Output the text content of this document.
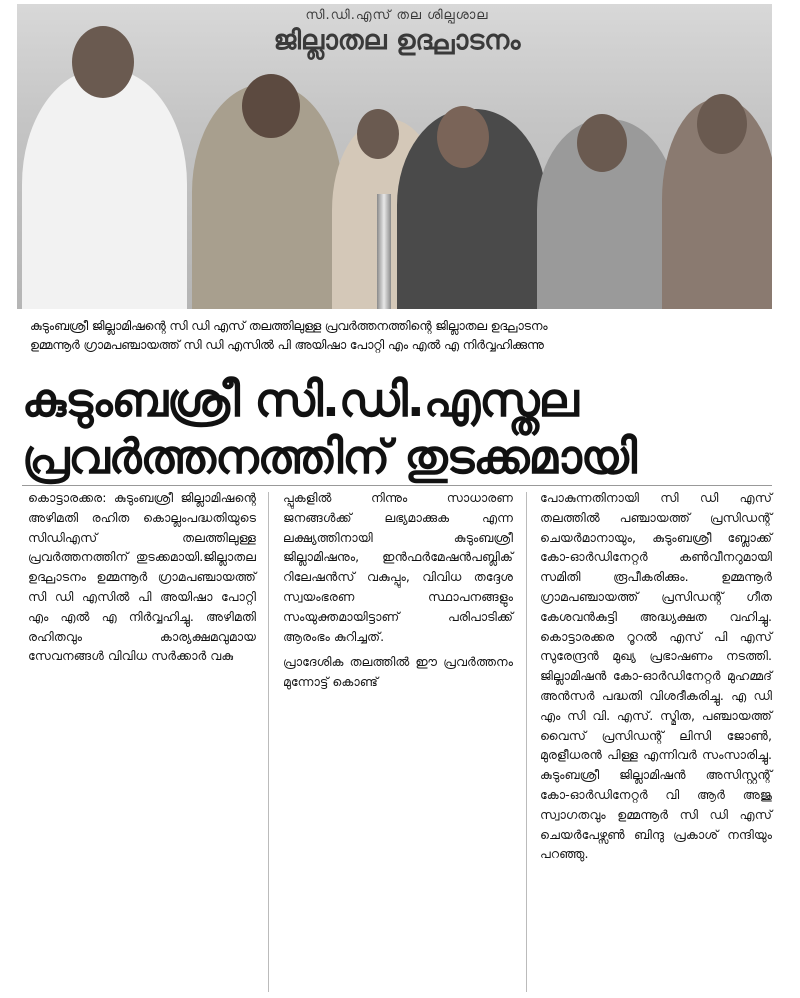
സി.ഡി.എസ് തല ശില്പശാല
ജില്ലാതല ഉദ്ഘാടനം
കുടുംബശ്രീ ജില്ലാമിഷന്റെ സി ഡി എസ് തലത്തിലുള്ള പ്രവർത്തനത്തിന്റെ ജില്ലാതല ഉദ്ഘാടനം
ഉമ്മന്നൂർ ഗ്രാമപഞ്ചായത്ത് സി ഡി എസിൽ പി അയിഷാ പോറ്റി എം എൽ എ നിർവ്വഹിക്കുന്നു
കുടുംബശ്രീ സി.ഡി.എസ്തല
പ്രവർത്തനത്തിന് തുടക്കമായി

കൊട്ടാരക്കര: കുടുംബശ്രീ ജില്ലാമിഷന്റെ അഴിമതി രഹിത കൊല്ലംപദ്ധതിയുടെ സിഡിഎസ് തലത്തിലുള്ള പ്രവർത്തനത്തിന് തുടക്കമായി.ജില്ലാതല ഉദ്ഘാടനം ഉമ്മന്നൂർ ഗ്രാമപഞ്ചായത്ത് സി ഡി എസിൽ പി അയിഷാ പോറ്റി എം എൽ എ നിർവ്വഹിച്ചു. അഴിമതി രഹിതവും കാര്യക്ഷമവുമായ സേവനങ്ങൾ വിവിധ സർക്കാർ വകു

പ്പുകളിൽ നിന്നും സാധാരണ ജനങ്ങൾക്ക് ലഭ്യമാക്കുക എന്ന ലക്ഷ്യത്തിനായി കുടുംബശ്രീ ജില്ലാമിഷനും, ഇൻഫർമേഷൻപബ്ലിക് റിലേഷൻസ് വകുപ്പും, വിവിധ തദ്ദേശ സ്വയംഭരണ സ്ഥാപനങ്ങളും സംയുക്തമായിട്ടാണ് പരിപാടിക്ക് ആരംഭം കുറിച്ചത്.

പ്രാദേശിക തലത്തിൽ ഈ പ്രവർത്തനം മുന്നോട്ട് കൊണ്ട്

പോകുന്നതിനായി സി ഡി എസ് തലത്തിൽ പഞ്ചായത്ത് പ്രസിഡന്റ് ചെയർമാനായും, കുടുംബശ്രീ ബ്ലോക്ക് കോ-ഓർഡിനേറ്റർ കൺവീനറുമായി സമിതി രൂപീകരിക്കും. ഉമ്മന്നൂർ ഗ്രാമപഞ്ചായത്ത് പ്രസിഡന്റ് ഗീത കേശവൻകുട്ടി അദ്ധ്യക്ഷത വഹിച്ചു. കൊട്ടാരക്കര റൂറൽ എസ് പി എസ് സുരേന്ദ്രൻ മുഖ്യ പ്രഭാഷണം നടത്തി. ജില്ലാമിഷൻ കോ-ഓർഡിനേറ്റർ മുഹമ്മദ് അൻസർ പദ്ധതി വിശദീകരിച്ചു. എ ഡി എം സി വി. എസ്. സ്മിത, പഞ്ചായത്ത് വൈസ് പ്രസിഡന്റ് ലിസി ജോൺ, മുരളീധരൻ പിള്ള എന്നിവർ സംസാരിച്ചു. കുടുംബശ്രീ ജില്ലാമിഷൻ അസിസ്റ്റന്റ് കോ-ഓർഡിനേറ്റർ വി ആർ അജു സ്വാഗതവും ഉമ്മന്നൂർ സി ഡി എസ് ചെയർപേഴ്സൺ ബിന്ദു പ്രകാശ് നന്ദിയും പറഞ്ഞു.
